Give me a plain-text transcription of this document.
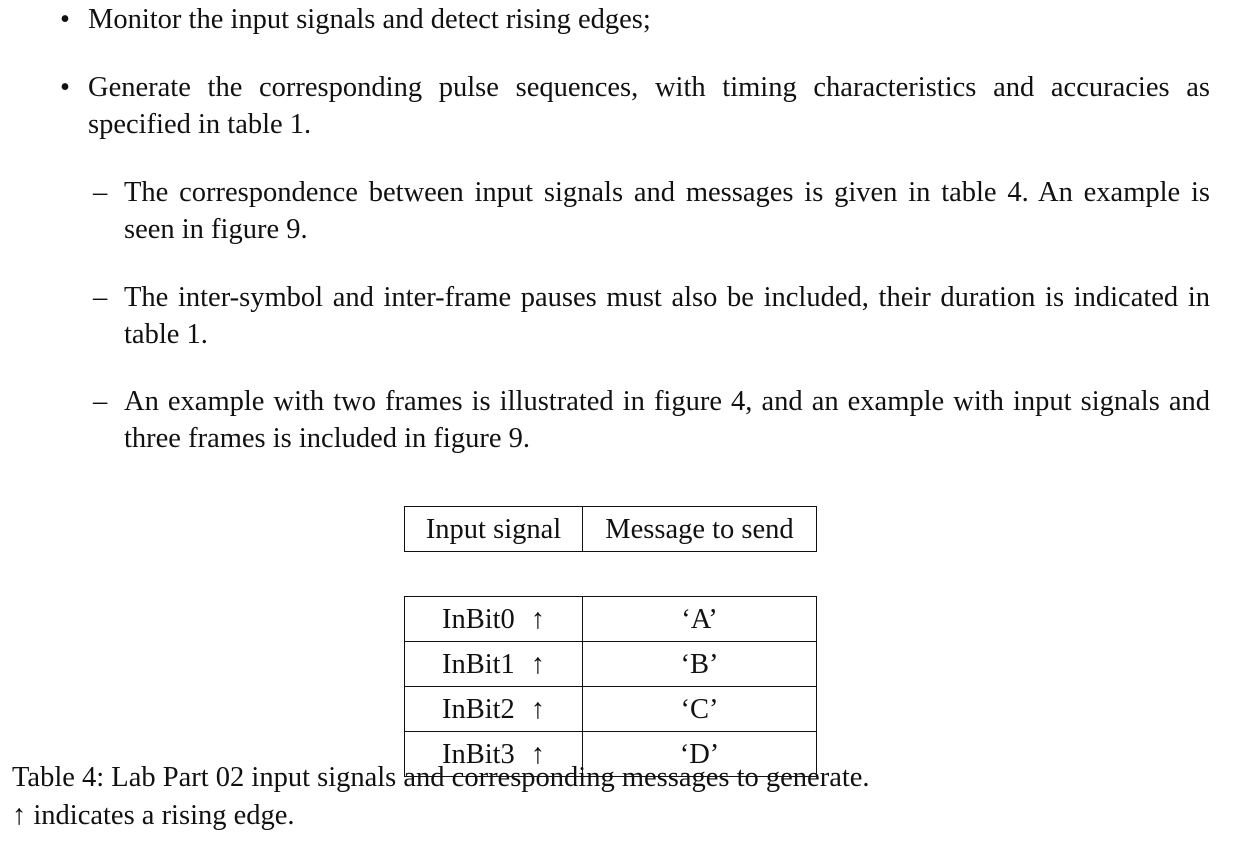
• Monitor the input signals and detect rising edges;
• Generate the corresponding pulse sequences, with timing characteristics and accuracies as specified in table 1.
– The correspondence between input signals and messages is given in table 4. An example is seen in figure 9.
– The inter-symbol and inter-frame pauses must also be included, their duration is indicated in table 1.
– An example with two frames is illustrated in figure 4, and an example with input signals and three frames is included in figure 9.
Input signal	Message to send

InBit0 ↑	‘A’
InBit1 ↑	‘B’
InBit2 ↑	‘C’
InBit3 ↑	‘D’
Table 4: Lab Part 02 input signals and corresponding messages to generate.
↑ indicates a rising edge.
